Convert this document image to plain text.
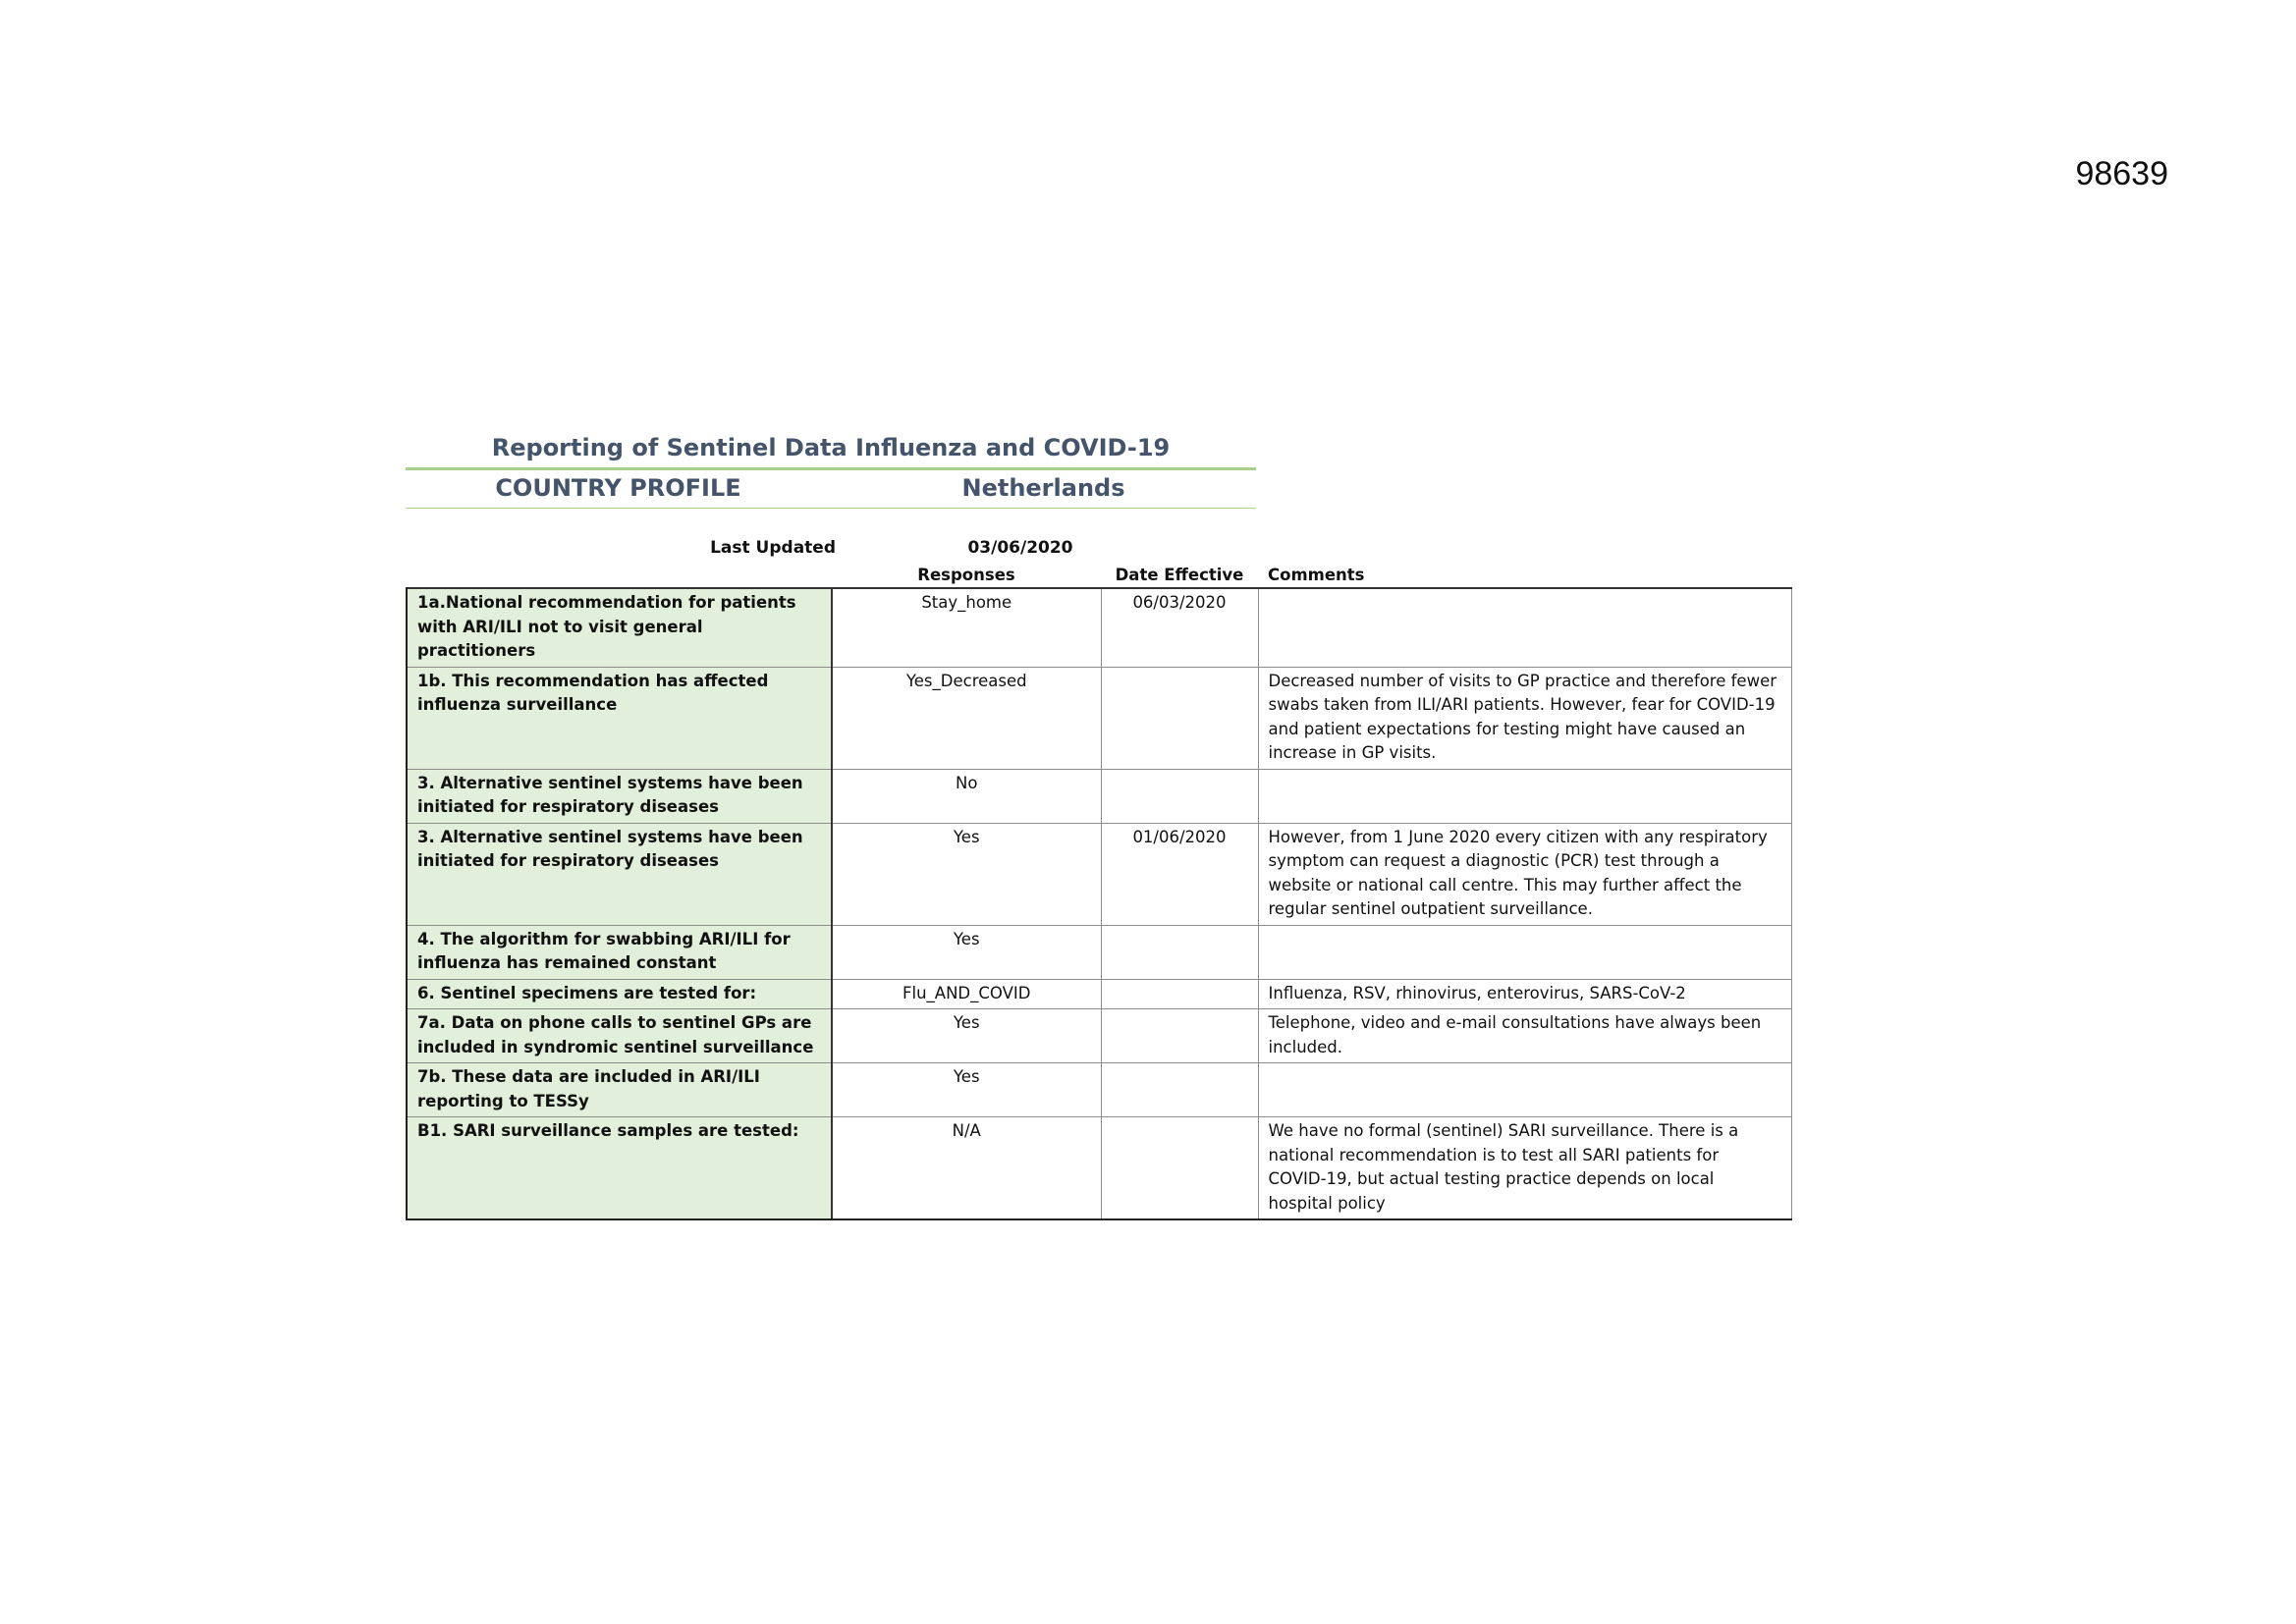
98639
Reporting of Sentinel Data Influenza and COVID-19
COUNTRY PROFILE	Netherlands
Last Updated	03/06/2020
	Responses	Date Effective	Comments
1a.National recommendation for patients with ARI/ILI not to visit general practitioners	Stay_home	06/03/2020	
1b. This recommendation has affected influenza surveillance	Yes_Decreased		Decreased number of visits to GP practice and therefore fewer swabs taken from ILI/ARI patients. However, fear for COVID-19 and patient expectations for testing might have caused an increase in GP visits.
3. Alternative sentinel systems have been initiated for respiratory diseases	No		
3. Alternative sentinel systems have been initiated for respiratory diseases	Yes	01/06/2020	However, from 1 June 2020 every citizen with any respiratory symptom can request a diagnostic (PCR) test through a website or national call centre. This may further affect the regular sentinel outpatient surveillance.
4. The algorithm for swabbing ARI/ILI for influenza has remained constant	Yes		
6. Sentinel specimens are tested for:	Flu_AND_COVID		Influenza, RSV, rhinovirus, enterovirus, SARS-CoV-2
7a. Data on phone calls to sentinel GPs are included in syndromic sentinel surveillance	Yes		Telephone, video and e-mail consultations have always been included.
7b. These data are included in ARI/ILI reporting to TESSy	Yes		
B1. SARI surveillance samples are tested:	N/A		We have no formal (sentinel) SARI surveillance. There is a national recommendation is to test all SARI patients for COVID-19, but actual testing practice depends on local hospital policy
